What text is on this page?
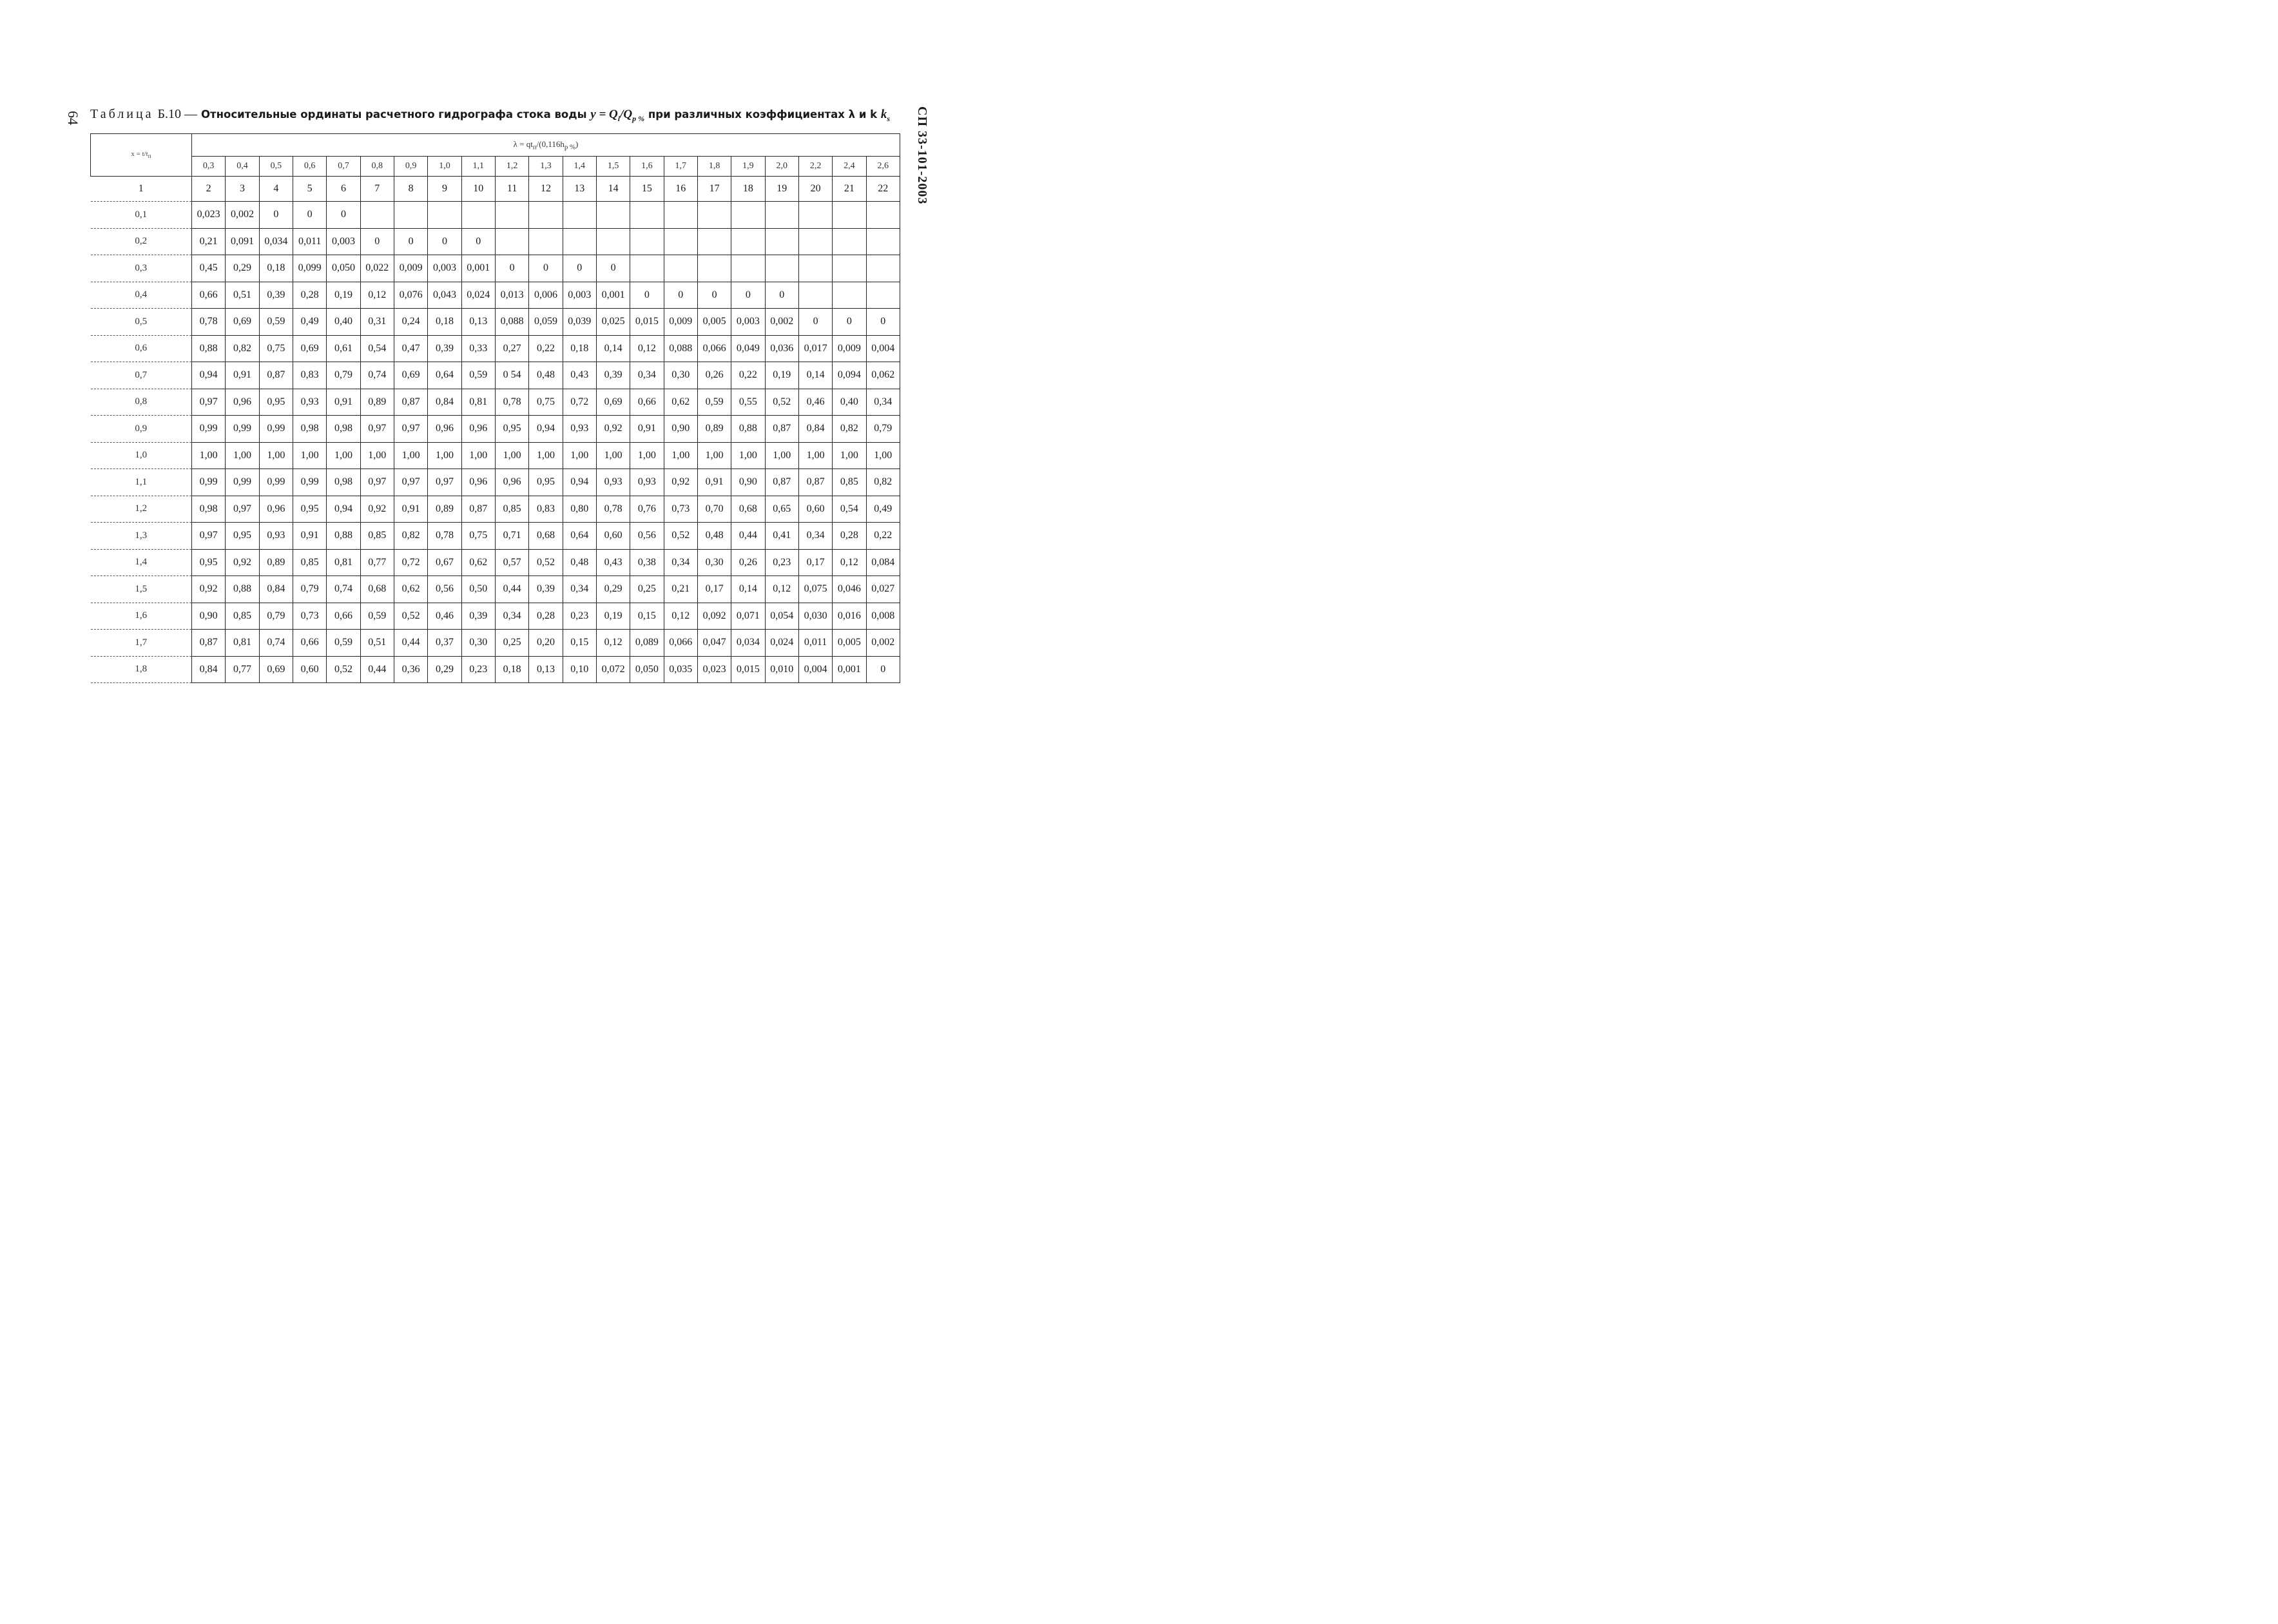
64 Таблица Б.10 — Относительные ординаты расчетного гидрографа стока воды $y = Q_i/Q_{р \%}$ при различных коэффициентах λ и k $k_s$	СП 33-101-2003
$x = t/t_п$	$\lambda = qt_п/(0,116h_{р \%})$																				
	0,3	0,4	0,5	0,6	0,7	0,8	0,9	1,0	1,1	1,2	1,3	1,4	1,5	1,6	1,7	1,8	1,9	2,0	2,2	2,4	2,6
1	2	3	4	5	6	7	8	9	10	11	12	13	14	15	16	17	18	19	20	21	22
0,1	0,023	0,002	0	0	0																
0,2	0,21	0,091	0,034	0,011	0,003	0	0	0	0												
0,3	0,45	0,29	0,18	0,099	0,050	0,022	0,009	0,003	0,001	0	0	0	0								
0,4	0,66	0,51	0,39	0,28	0,19	0,12	0,076	0,043	0,024	0,013	0,006	0,003	0,001	0	0	0	0	0			
0,5	0,78	0,69	0,59	0,49	0,40	0,31	0,24	0,18	0,13	0,088	0,059	0,039	0,025	0,015	0,009	0,005	0,003	0,002	0	0	0
0,6	0,88	0,82	0,75	0,69	0,61	0,54	0,47	0,39	0,33	0,27	0,22	0,18	0,14	0,12	0,088	0,066	0,049	0,036	0,017	0,009	0,004
0,7	0,94	0,91	0,87	0,83	0,79	0,74	0,69	0,64	0,59	0 54	0,48	0,43	0,39	0,34	0,30	0,26	0,22	0,19	0,14	0,094	0,062
0,8	0,97	0,96	0,95	0,93	0,91	0,89	0,87	0,84	0,81	0,78	0,75	0,72	0,69	0,66	0,62	0,59	0,55	0,52	0,46	0,40	0,34
0,9	0,99	0,99	0,99	0,98	0,98	0,97	0,97	0,96	0,96	0,95	0,94	0,93	0,92	0,91	0,90	0,89	0,88	0,87	0,84	0,82	0,79
1,0	1,00	1,00	1,00	1,00	1,00	1,00	1,00	1,00	1,00	1,00	1,00	1,00	1,00	1,00	1,00	1,00	1,00	1,00	1,00	1,00	1,00
1,1	0,99	0,99	0,99	0,99	0,98	0,97	0,97	0,97	0,96	0,96	0,95	0,94	0,93	0,93	0,92	0,91	0,90	0,87	0,87	0,85	0,82
1,2	0,98	0,97	0,96	0,95	0,94	0,92	0,91	0,89	0,87	0,85	0,83	0,80	0,78	0,76	0,73	0,70	0,68	0,65	0,60	0,54	0,49
1,3	0,97	0,95	0,93	0,91	0,88	0,85	0,82	0,78	0,75	0,71	0,68	0,64	0,60	0,56	0,52	0,48	0,44	0,41	0,34	0,28	0,22
1,4	0,95	0,92	0,89	0,85	0,81	0,77	0,72	0,67	0,62	0,57	0,52	0,48	0,43	0,38	0,34	0,30	0,26	0,23	0,17	0,12	0,084
1,5	0,92	0,88	0,84	0,79	0,74	0,68	0,62	0,56	0,50	0,44	0,39	0,34	0,29	0,25	0,21	0,17	0,14	0,12	0,075	0,046	0,027
1,6	0,90	0,85	0,79	0,73	0,66	0,59	0,52	0,46	0,39	0,34	0,28	0,23	0,19	0,15	0,12	0,092	0,071	0,054	0,030	0,016	0,008
1,7	0,87	0,81	0,74	0,66	0,59	0,51	0,44	0,37	0,30	0,25	0,20	0,15	0,12	0,089	0,066	0,047	0,034	0,024	0,011	0,005	0,002
1,8	0,84	0,77	0,69	0,60	0,52	0,44	0,36	0,29	0,23	0,18	0,13	0,10	0,072	0,050	0,035	0,023	0,015	0,010	0,004	0,001	0
